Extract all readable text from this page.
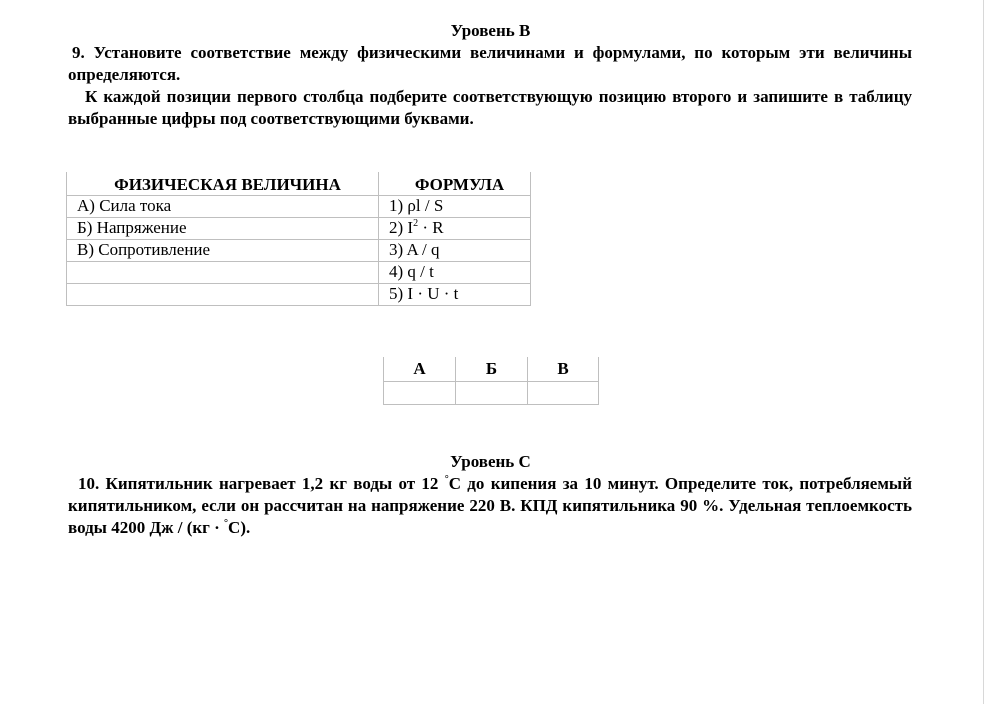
Уровень В

9. Установите соответствие между физическими величинами и формулами, по которым эти величины определяются.

К каждой позиции первого столбца подберите соответствующую позицию второго и запишите в таблицу выбранные цифры под соответствующими буквами.

ФИЗИЧЕСКАЯ ВЕЛИЧИНА	ФОРМУЛА
А) Сила тока	1) ρl / S
Б) Напряжение	2) $I^2 \cdot R$
В) Сопротивление	3) A / q
	4) q / t
	5) I · U · t
А	Б	В

Уровень С

10. Кипятильник нагревает 1,2 кг воды от 12 °С до кипения за 10 минут. Определите ток, потребляемый кипятильником, если он рассчитан на напряжение 220 В. КПД кипятильника 90 %. Удельная теплоемкость воды 4200 Дж / (кг · °С).
